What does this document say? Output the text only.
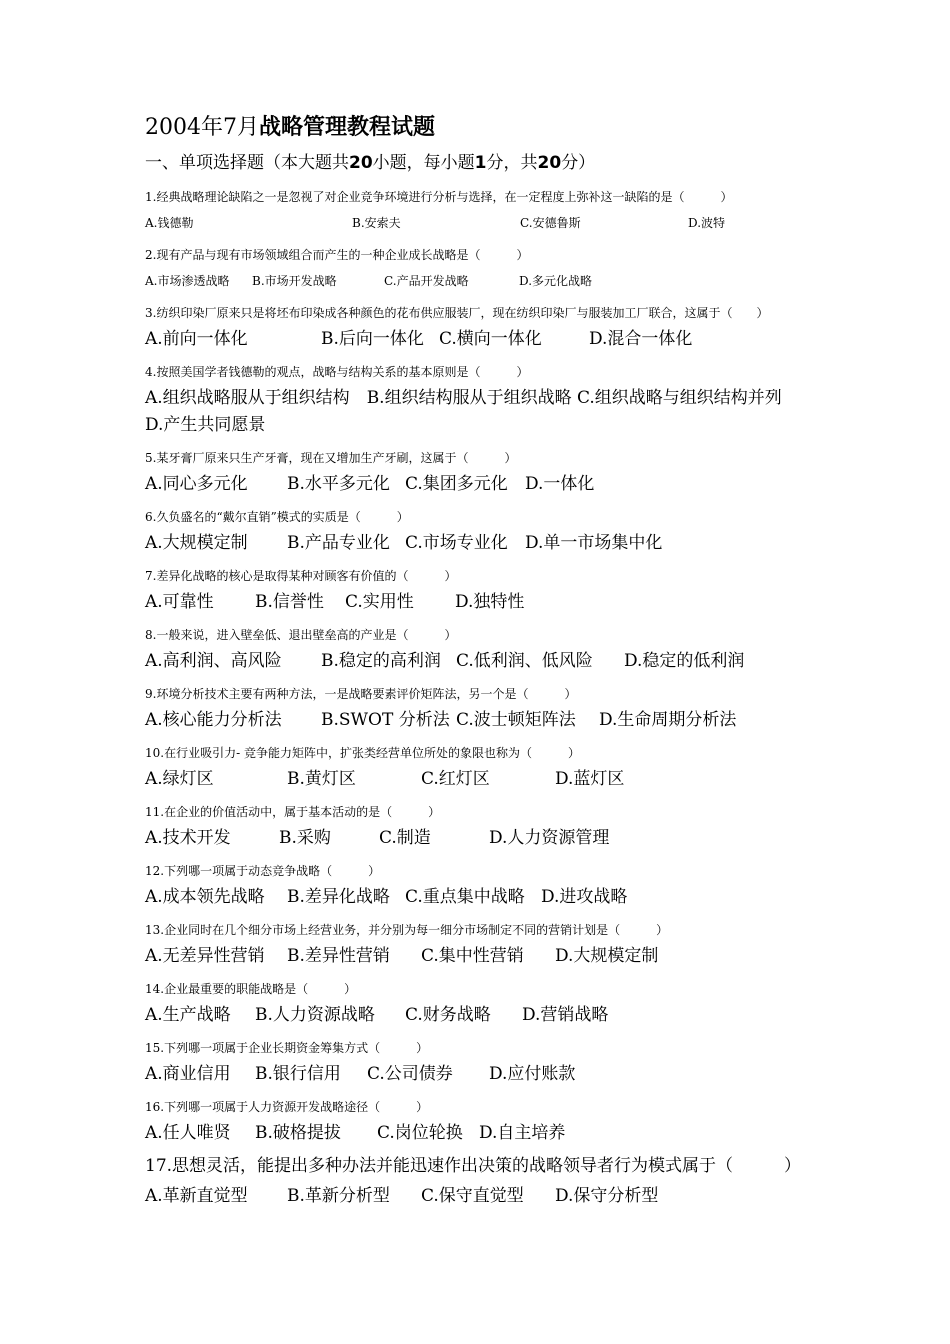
2004年7月战略管理教程试题
一、单项选择题（本大题共20小题，每小题1分，共20分）
1.经典战略理论缺陷之一是忽视了对企业竞争环境进行分析与选择，在一定程度上弥补这一缺陷的是（　　　）
A.钱德勒	B.安索夫	C.安德鲁斯	D.波特
2.现有产品与现有市场领域组合而产生的一种企业成长战略是（　　　）
A.市场渗透战略 B.市场开发战略	C.产品开发战略	D.多元化战略
3.纺织印染厂原来只是将坯布印染成各种颜色的花布供应服装厂，现在纺织印染厂与服装加工厂联合，这属于（　　）
A.前向一体化	B.后向一体化 C.横向一体化	D.混合一体化
4.按照美国学者钱德勒的观点，战略与结构关系的基本原则是（　　　）
A.组织战略服从于组织结构　 B.组织结构服从于组织战略 C.组织战略与组织结构并列　D.产生共同愿景
5.某牙膏厂原来只生产牙膏，现在又增加生产牙刷，这属于（　　　）
A.同心多元化 B.水平多元化 C.集团多元化 D.一体化
6.久负盛名的“戴尔直销”模式的实质是（　　　）
A.大规模定制 B.产品专业化 C.市场专业化 D.单一市场集中化
7.差异化战略的核心是取得某种对顾客有价值的（　　　）
A.可靠性 B.信誉性 C.实用性 D.独特性
8.一般来说，进入壁垒低、退出壁垒高的产业是（　　　）
A.高利润、高风险 B.稳定的高利润 C.低利润、低风险 D.稳定的低利润
9.环境分析技术主要有两种方法，一是战略要素评价矩阵法，另一个是（　　　）
A.核心能力分析法 B.SWOT 分析法 C.波士顿矩阵法 D.生命周期分析法
10.在行业吸引力- 竞争能力矩阵中，扩张类经营单位所处的象限也称为（　　　）
A.绿灯区	B.黄灯区	C.红灯区	D.蓝灯区
11.在企业的价值活动中，属于基本活动的是（　　　）
A.技术开发	B.采购	C.制造	D.人力资源管理
12.下列哪一项属于动态竞争战略（　　　）
A.成本领先战略 B.差异化战略 C.重点集中战略 D.进攻战略
13.企业同时在几个细分市场上经营业务，并分别为每一细分市场制定不同的营销计划是（　　　）
A.无差异性营销 B.差异性营销 C.集中性营销 D.大规模定制
14.企业最重要的职能战略是（　　　）
A.生产战略 B.人力资源战略 C.财务战略 D.营销战略
15.下列哪一项属于企业长期资金筹集方式（　　　）
A.商业信用 B.银行信用 C.公司债券 D.应付账款
16.下列哪一项属于人力资源开发战略途径（　　　）
A.任人唯贤 B.破格提拔 C.岗位轮换 D.自主培养
17.思想灵活，能提出多种办法并能迅速作出决策的战略领导者行为模式属于（　　　）
A.革新直觉型 B.革新分析型 C.保守直觉型 D.保守分析型
